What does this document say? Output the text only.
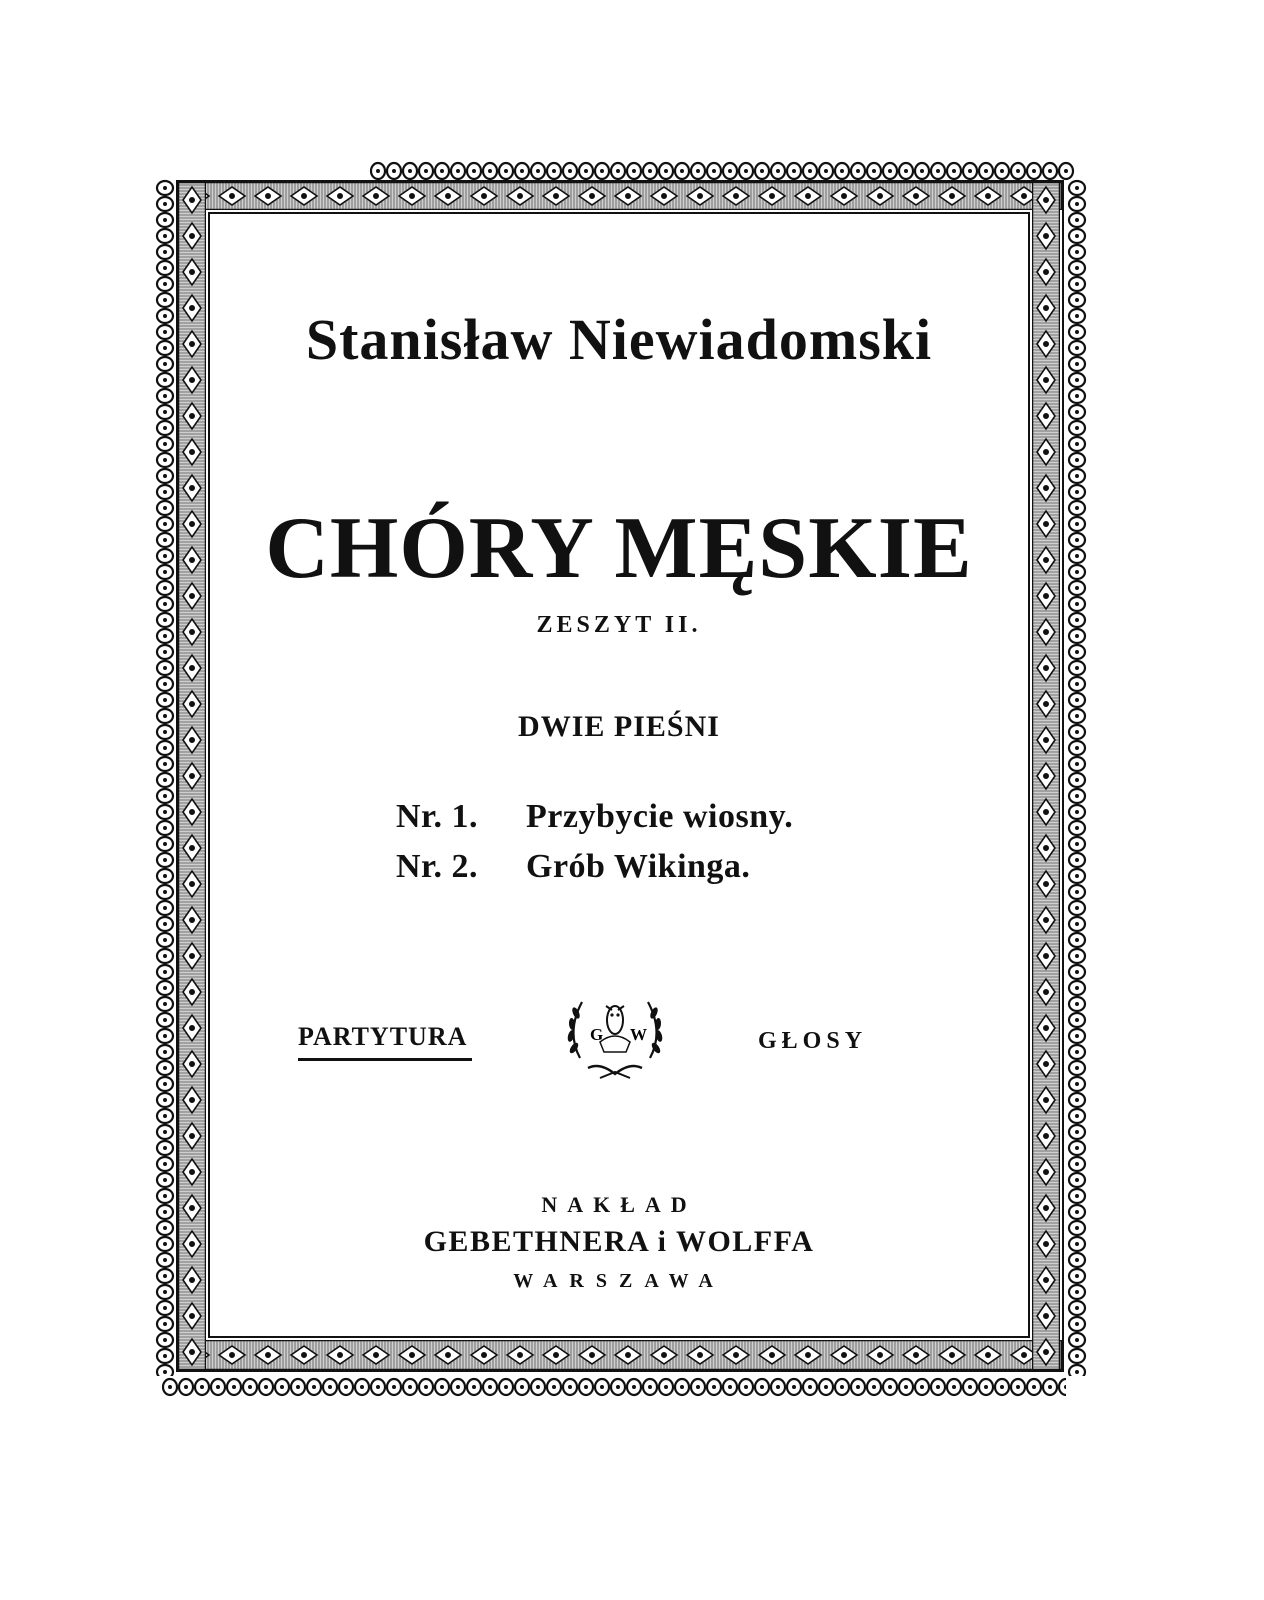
Stanisław Niewiadomski
CHÓRY MĘSKIE
ZESZYT II.
DWIE PIEŚNI
Nr. 1.	Przybycie wiosny.
Nr. 2.	Grób Wikinga.
PARTYTURA	GŁOSY
G W
NAKŁAD
GEBETHNERA i WOLFFA
WARSZAWA
